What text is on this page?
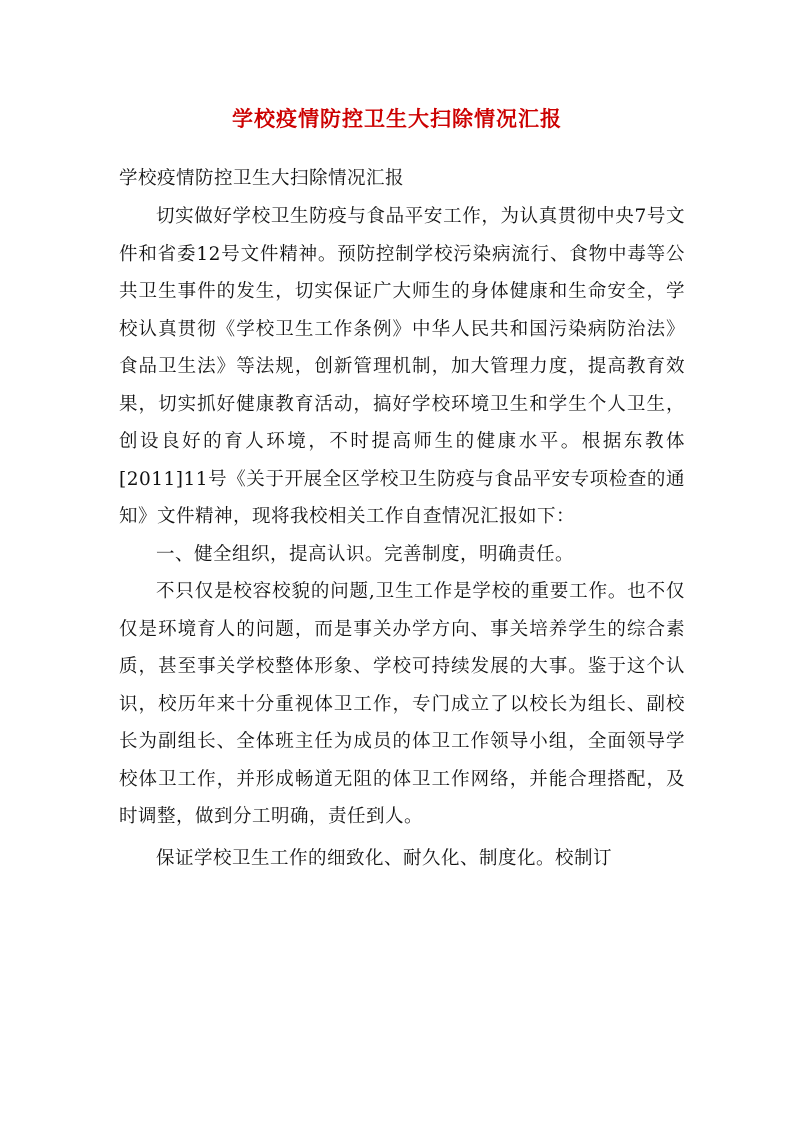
学校疫情防控卫生大扫除情况汇报

学校疫情防控卫生大扫除情况汇报

切实做好学校卫生防疫与食品平安工作，为认真贯彻中央7号文件和省委12号文件精神。预防控制学校污染病流行、食物中毒等公共卫生事件的发生，切实保证广大师生的身体健康和生命安全，学校认真贯彻《学校卫生工作条例》中华人民共和国污染病防治法》食品卫生法》等法规，创新管理机制，加大管理力度，提高教育效果，切实抓好健康教育活动，搞好学校环境卫生和学生个人卫生，创设良好的育人环境，不时提高师生的健康水平。根据东教体[2011]11号《关于开展全区学校卫生防疫与食品平安专项检查的通知》文件精神，现将我校相关工作自查情况汇报如下：

一、健全组织，提高认识。完善制度，明确责任。

不只仅是校容校貌的问题,卫生工作是学校的重要工作。也不仅仅是环境育人的问题，而是事关办学方向、事关培养学生的综合素质，甚至事关学校整体形象、学校可持续发展的大事。鉴于这个认识，校历年来十分重视体卫工作，专门成立了以校长为组长、副校长为副组长、全体班主任为成员的体卫工作领导小组，全面领导学校体卫工作，并形成畅道无阻的体卫工作网络，并能合理搭配，及时调整，做到分工明确，责任到人。

保证学校卫生工作的细致化、耐久化、制度化。校制订
